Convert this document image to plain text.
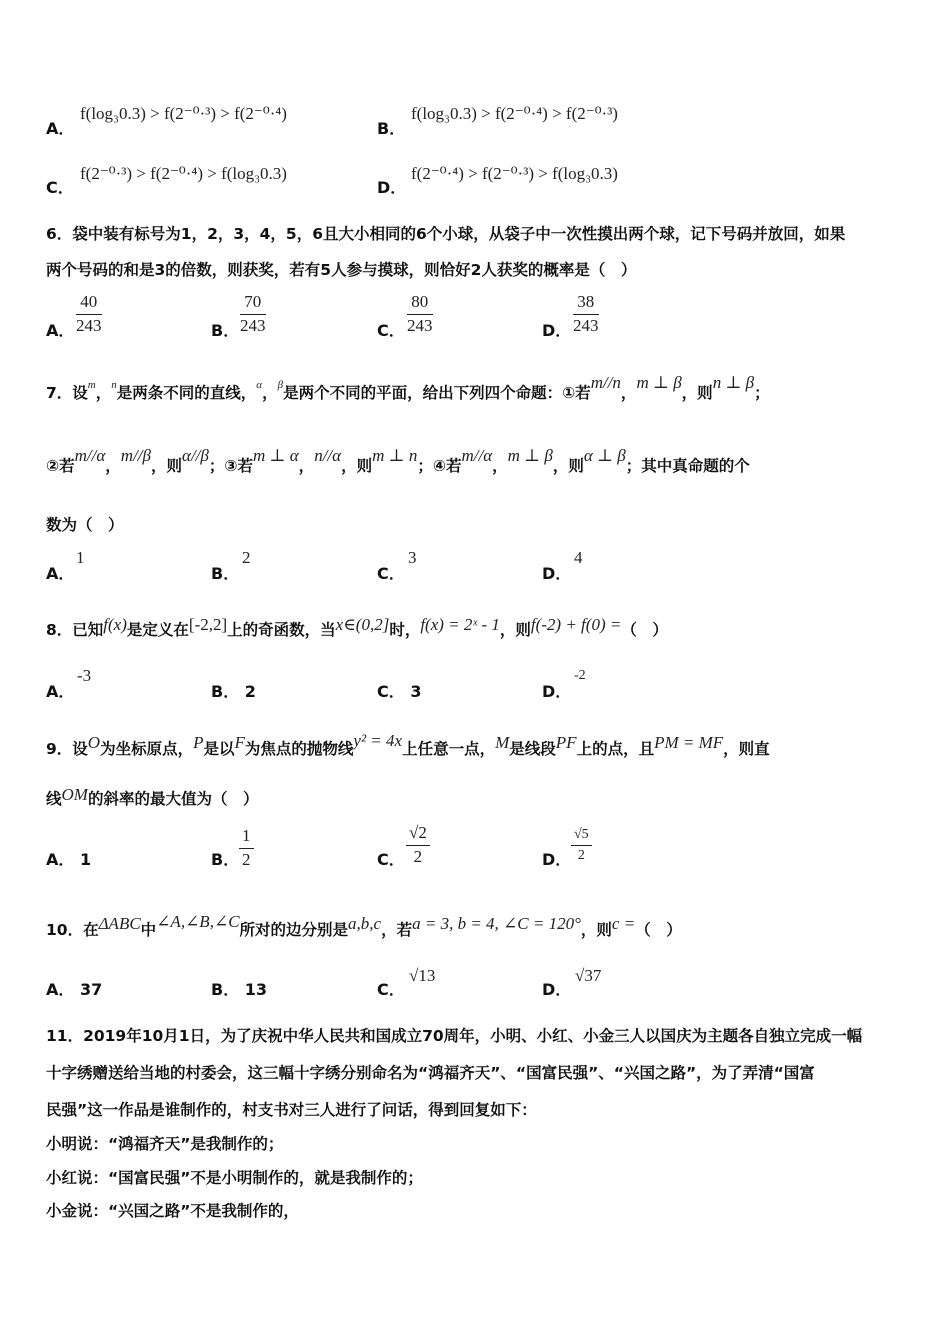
A．
f(log₃0.3) > f(2⁻⁰·³) > f(2⁻⁰·⁴)
B．
f(log₃0.3) > f(2⁻⁰·⁴) > f(2⁻⁰·³)
C．
f(2⁻⁰·³) > f(2⁻⁰·⁴) > f(log₃0.3)
D．
f(2⁻⁰·⁴) > f(2⁻⁰·³) > f(log₃0.3)
6．袋中装有标号为1，2，3，4，5，6且大小相同的6个小球，从袋子中一次性摸出两个球，记下号码并放回，如果
两个号码的和是3的倍数，则获奖，若有5人参与摸球，则恰好2人获奖的概率是（　）
A． $\frac{40}{243}$	B． $\frac{70}{243}$	C． $\frac{80}{243}$	D． $\frac{38}{243}$
7．设$^m$，$^n$是两条不同的直线，$^\alpha$，$^\beta$是两个不同的平面，给出下列四个命题：①若m//n，m ⊥ β，则n ⊥ β；
②若m//α，m//β，则α//β；③若m ⊥ α，n//α，则m ⊥ n；④若m//α，m ⊥ β，则α ⊥ β；其中真命题的个
数为（　）
A．
1
B．
2
C．
3
D．
4
8．已知f(x)是定义在[-2,2]上的奇函数，当x∈(0,2]时，f(x) = 2ˣ - 1，则f(-2) + f(0) =（　）
A．
-3
B． 2	C． 3	D．
-2
9．设O为坐标原点，P是以F为焦点的抛物线y² = 4x上任意一点，M是线段PF上的点，且PM = MF，则直
线OM的斜率的最大值为（　）
A． 1	B． $\frac{1}{2}$	C． $\frac{√2}{2}$	D． $\frac{√5}{2}$
10．在ΔABC中∠A,∠B,∠C所对的边分别是a,b,c，若a = 3, b = 4, ∠C = 120°，则c =（　）
A． 37	B． 13	C．
√13
D．
√37
11．2019年10月1日，为了庆祝中华人民共和国成立70周年，小明、小红、小金三人以国庆为主题各自独立完成一幅
十字绣赠送给当地的村委会，这三幅十字绣分别命名为“鸿福齐天”、“国富民强”、“兴国之路”，为了弄清“国富
民强”这一作品是谁制作的，村支书对三人进行了问话，得到回复如下：
小明说：“鸿福齐天”是我制作的；
小红说：“国富民强”不是小明制作的，就是我制作的；
小金说：“兴国之路”不是我制作的，
